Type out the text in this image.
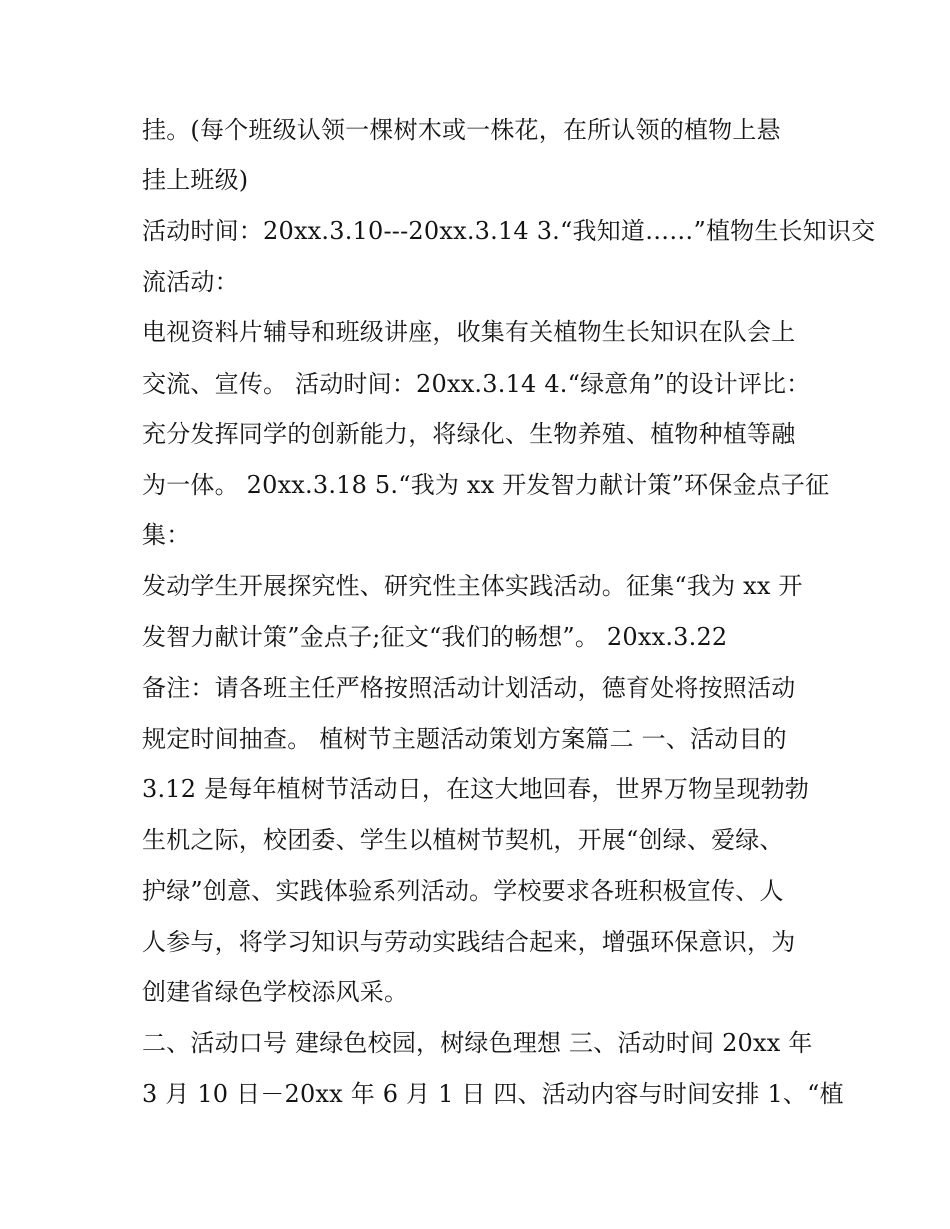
挂。(每个班级认领一棵树木或一株花，在所认领的植物上悬
挂上班级)
活动时间：20xx.3.10---20xx.3.14 3.“我知道……”植物生长知识交
流活动：
电视资料片辅导和班级讲座，收集有关植物生长知识在队会上
交流、宣传。 活动时间：20xx.3.14 4.“绿意角”的设计评比：
充分发挥同学的创新能力，将绿化、生物养殖、植物种植等融
为一体。 20xx.3.18 5.“我为 xx 开发智力献计策”环保金点子征
集：
发动学生开展探究性、研究性主体实践活动。征集“我为 xx 开
发智力献计策”金点子;征文“我们的畅想”。 20xx.3.22
备注：请各班主任严格按照活动计划活动，德育处将按照活动
规定时间抽查。 植树节主题活动策划方案篇二 一、活动目的
3.12 是每年植树节活动日，在这大地回春，世界万物呈现勃勃
生机之际，校团委、学生以植树节契机，开展“创绿、爱绿、
护绿”创意、实践体验系列活动。学校要求各班积极宣传、人
人参与，将学习知识与劳动实践结合起来，增强环保意识，为
创建省绿色学校添风采。
二、活动口号 建绿色校园，树绿色理想 三、活动时间 20xx 年
3 月 10 日－20xx 年 6 月 1 日 四、活动内容与时间安排 1、“植
